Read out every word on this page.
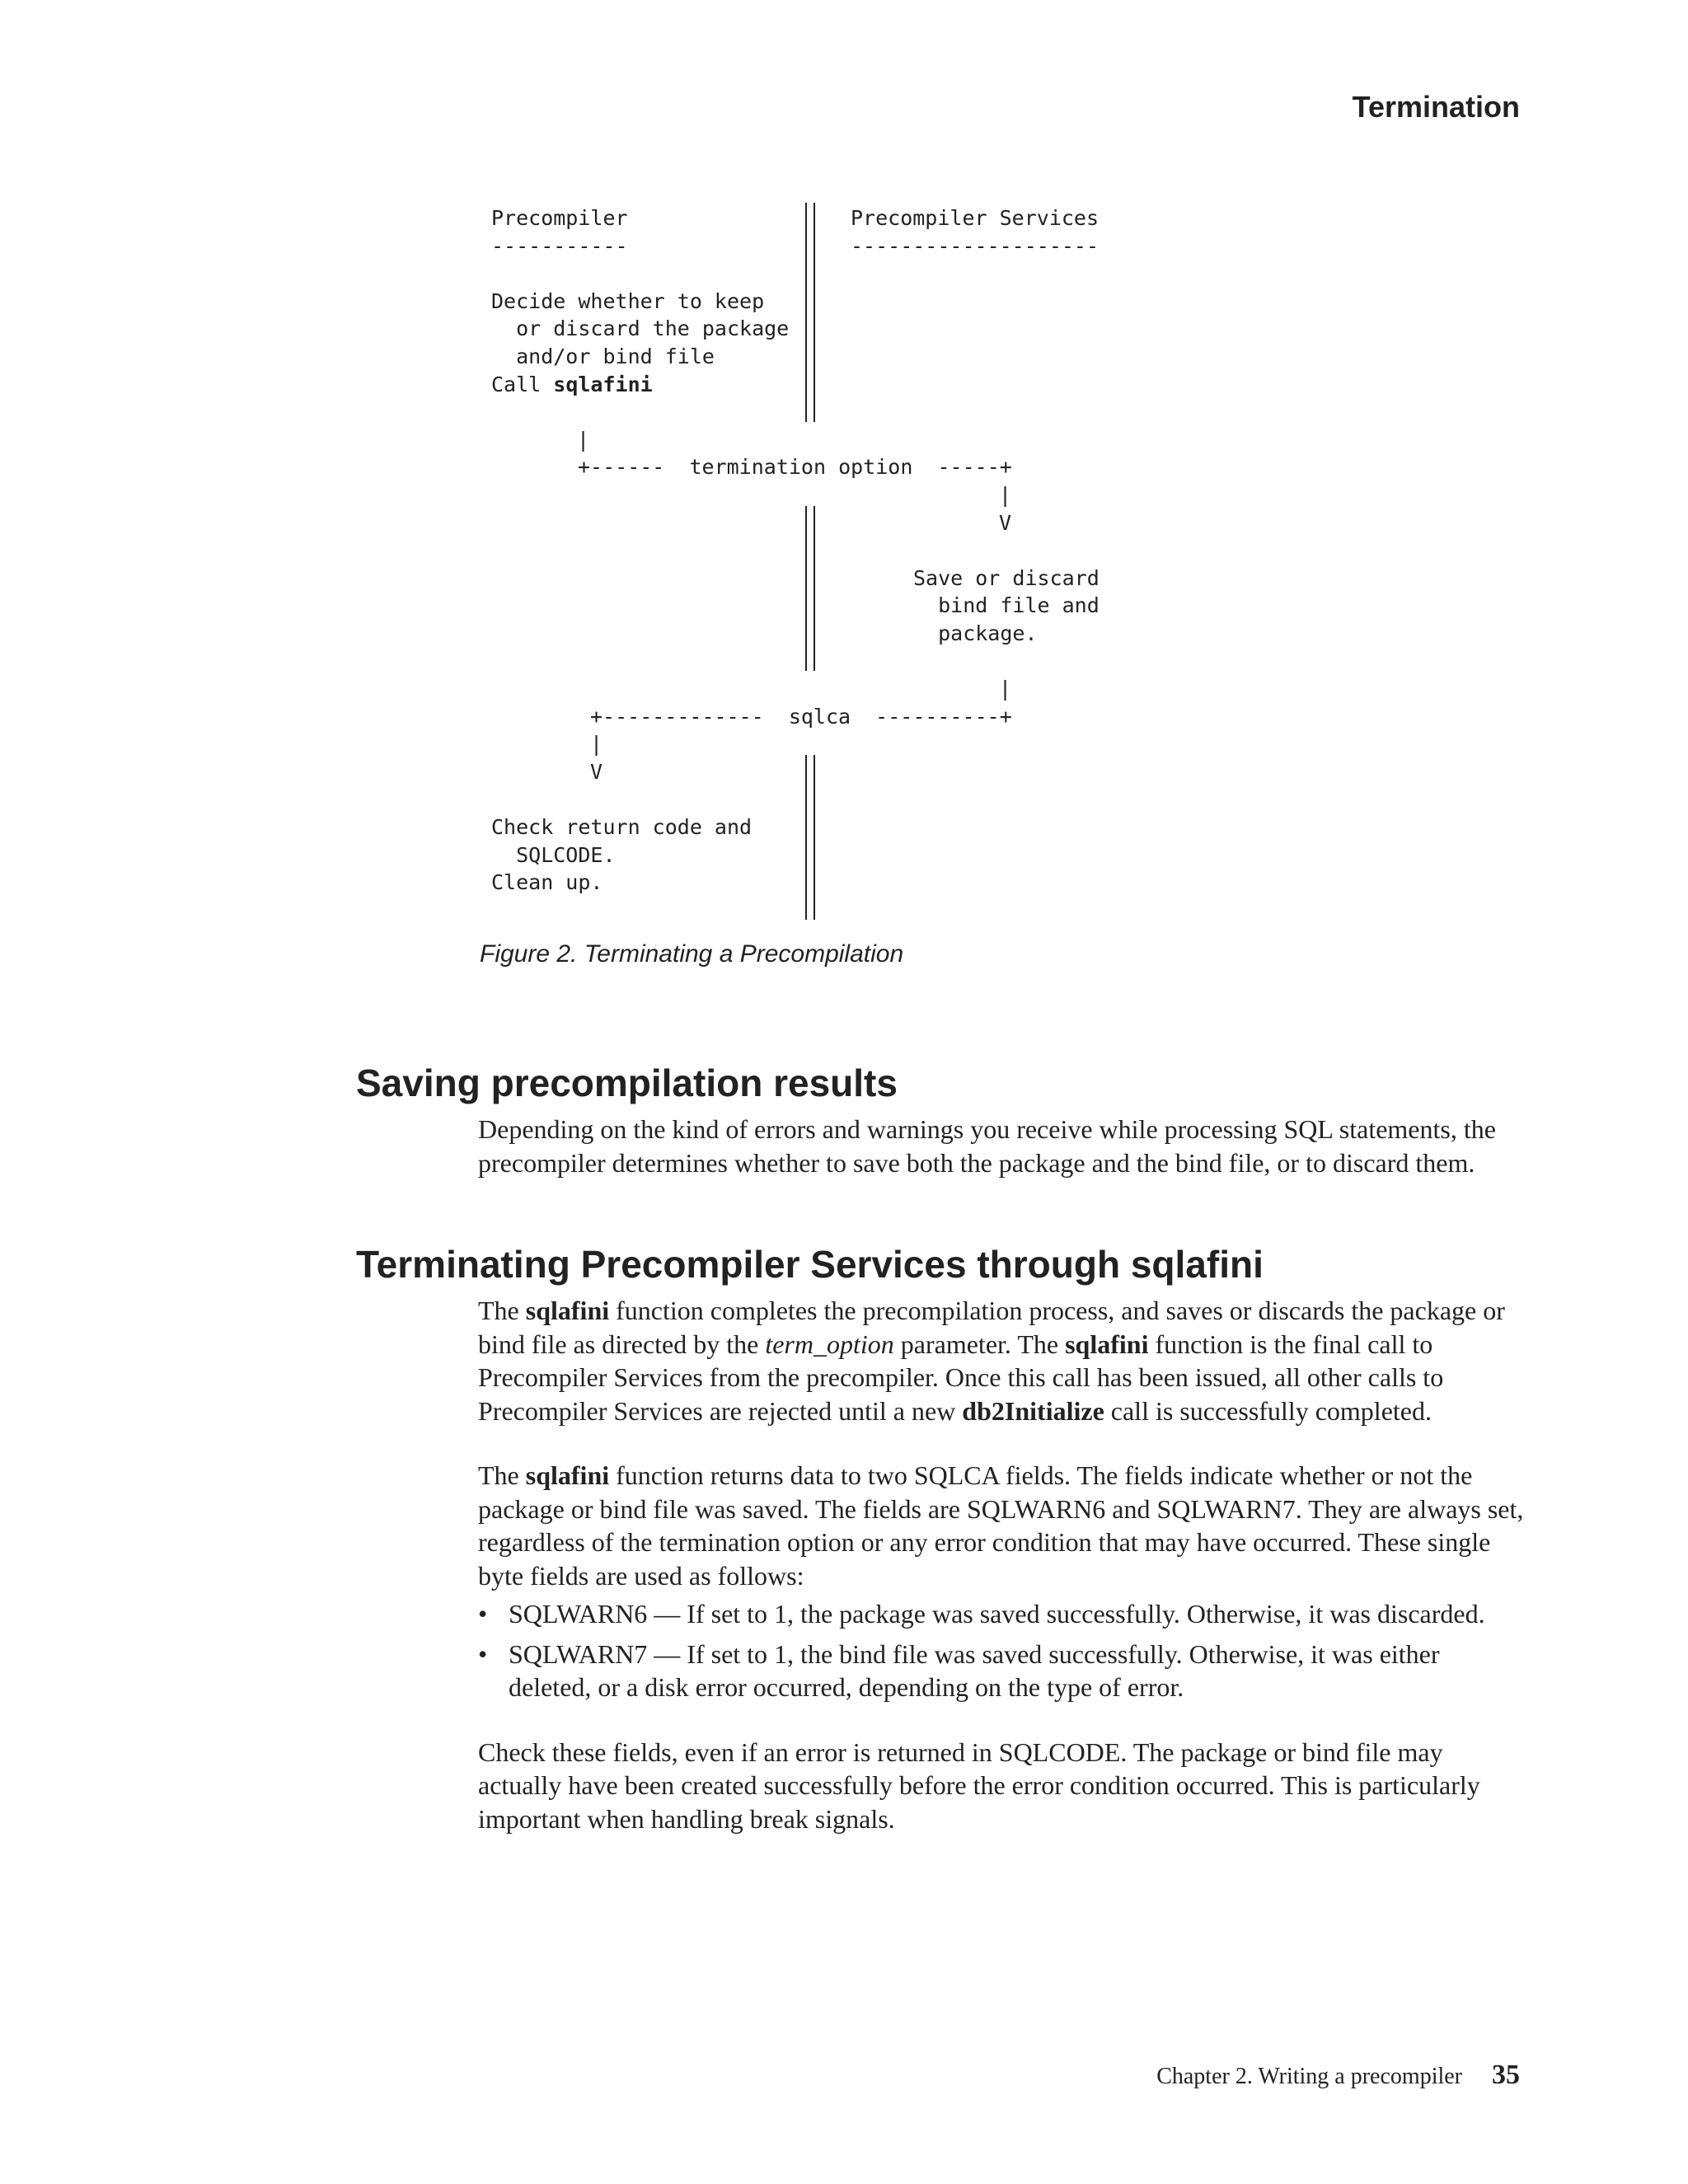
Termination
Precompiler
-----------
Decide whether to keep
or discard the package
and/or bind file
Call sqlafini
Precompiler Services
--------------------
|
+------  termination option  -----+
|
V
Save or discard
bind file and
package.
|
+-------------  sqlca  ----------+
|
V
Check return code and
SQLCODE.
Clean up.
Figure 2. Terminating a Precompilation
Saving precompilation results

Depending on the kind of errors and warnings you receive while processing SQL statements, the precompiler determines whether to save both the package and the bind file, or to discard them.

Terminating Precompiler Services through sqlafini

The sqlafini function completes the precompilation process, and saves or discards the package or bind file as directed by the term_option parameter. The sqlafini function is the final call to Precompiler Services from the precompiler. Once this call has been issued, all other calls to Precompiler Services are rejected until a new db2Initialize call is successfully completed.

The sqlafini function returns data to two SQLCA fields. The fields indicate whether or not the package or bind file was saved. The fields are SQLWARN6 and SQLWARN7. They are always set, regardless of the termination option or any error condition that may have occurred. These single byte fields are used as follows:

• SQLWARN6 — If set to 1, the package was saved successfully. Otherwise, it was discarded.
• SQLWARN7 — If set to 1, the bind file was saved successfully. Otherwise, it was either deleted, or a disk error occurred, depending on the type of error.

Check these fields, even if an error is returned in SQLCODE. The package or bind file may actually have been created successfully before the error condition occurred. This is particularly important when handling break signals.

Chapter 2. Writing a precompiler 35
